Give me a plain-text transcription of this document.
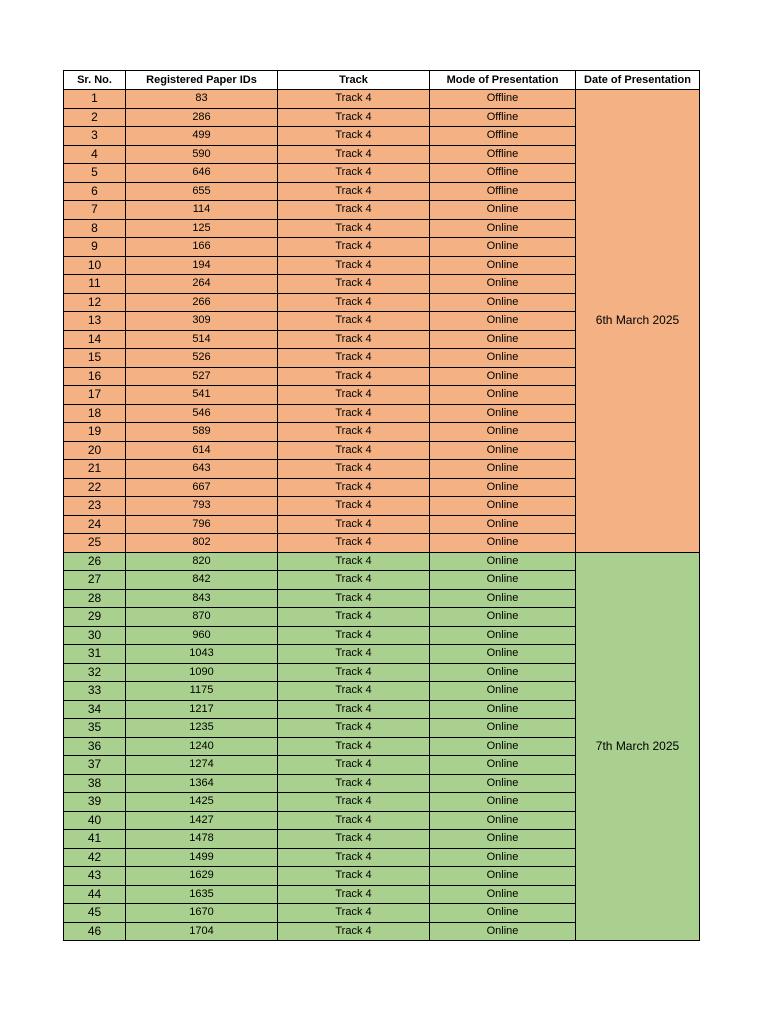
Sr. No.	Registered Paper IDs	Track	Mode of Presentation	Date of Presentation
1	83	Track 4	Offline	6th March 2025
2	286	Track 4	Offline	
3	499	Track 4	Offline	
4	590	Track 4	Offline	
5	646	Track 4	Offline	
6	655	Track 4	Offline	
7	114	Track 4	Online	
8	125	Track 4	Online	
9	166	Track 4	Online	
10	194	Track 4	Online	
11	264	Track 4	Online	
12	266	Track 4	Online	
13	309	Track 4	Online	
14	514	Track 4	Online	
15	526	Track 4	Online	
16	527	Track 4	Online	
17	541	Track 4	Online	
18	546	Track 4	Online	
19	589	Track 4	Online	
20	614	Track 4	Online	
21	643	Track 4	Online	
22	667	Track 4	Online	
23	793	Track 4	Online	
24	796	Track 4	Online	
25	802	Track 4	Online	
26	820	Track 4	Online	7th March 2025
27	842	Track 4	Online	
28	843	Track 4	Online	
29	870	Track 4	Online	
30	960	Track 4	Online	
31	1043	Track 4	Online	
32	1090	Track 4	Online	
33	1175	Track 4	Online	
34	1217	Track 4	Online	
35	1235	Track 4	Online	
36	1240	Track 4	Online	
37	1274	Track 4	Online	
38	1364	Track 4	Online	
39	1425	Track 4	Online	
40	1427	Track 4	Online	
41	1478	Track 4	Online	
42	1499	Track 4	Online	
43	1629	Track 4	Online	
44	1635	Track 4	Online	
45	1670	Track 4	Online	
46	1704	Track 4	Online	
